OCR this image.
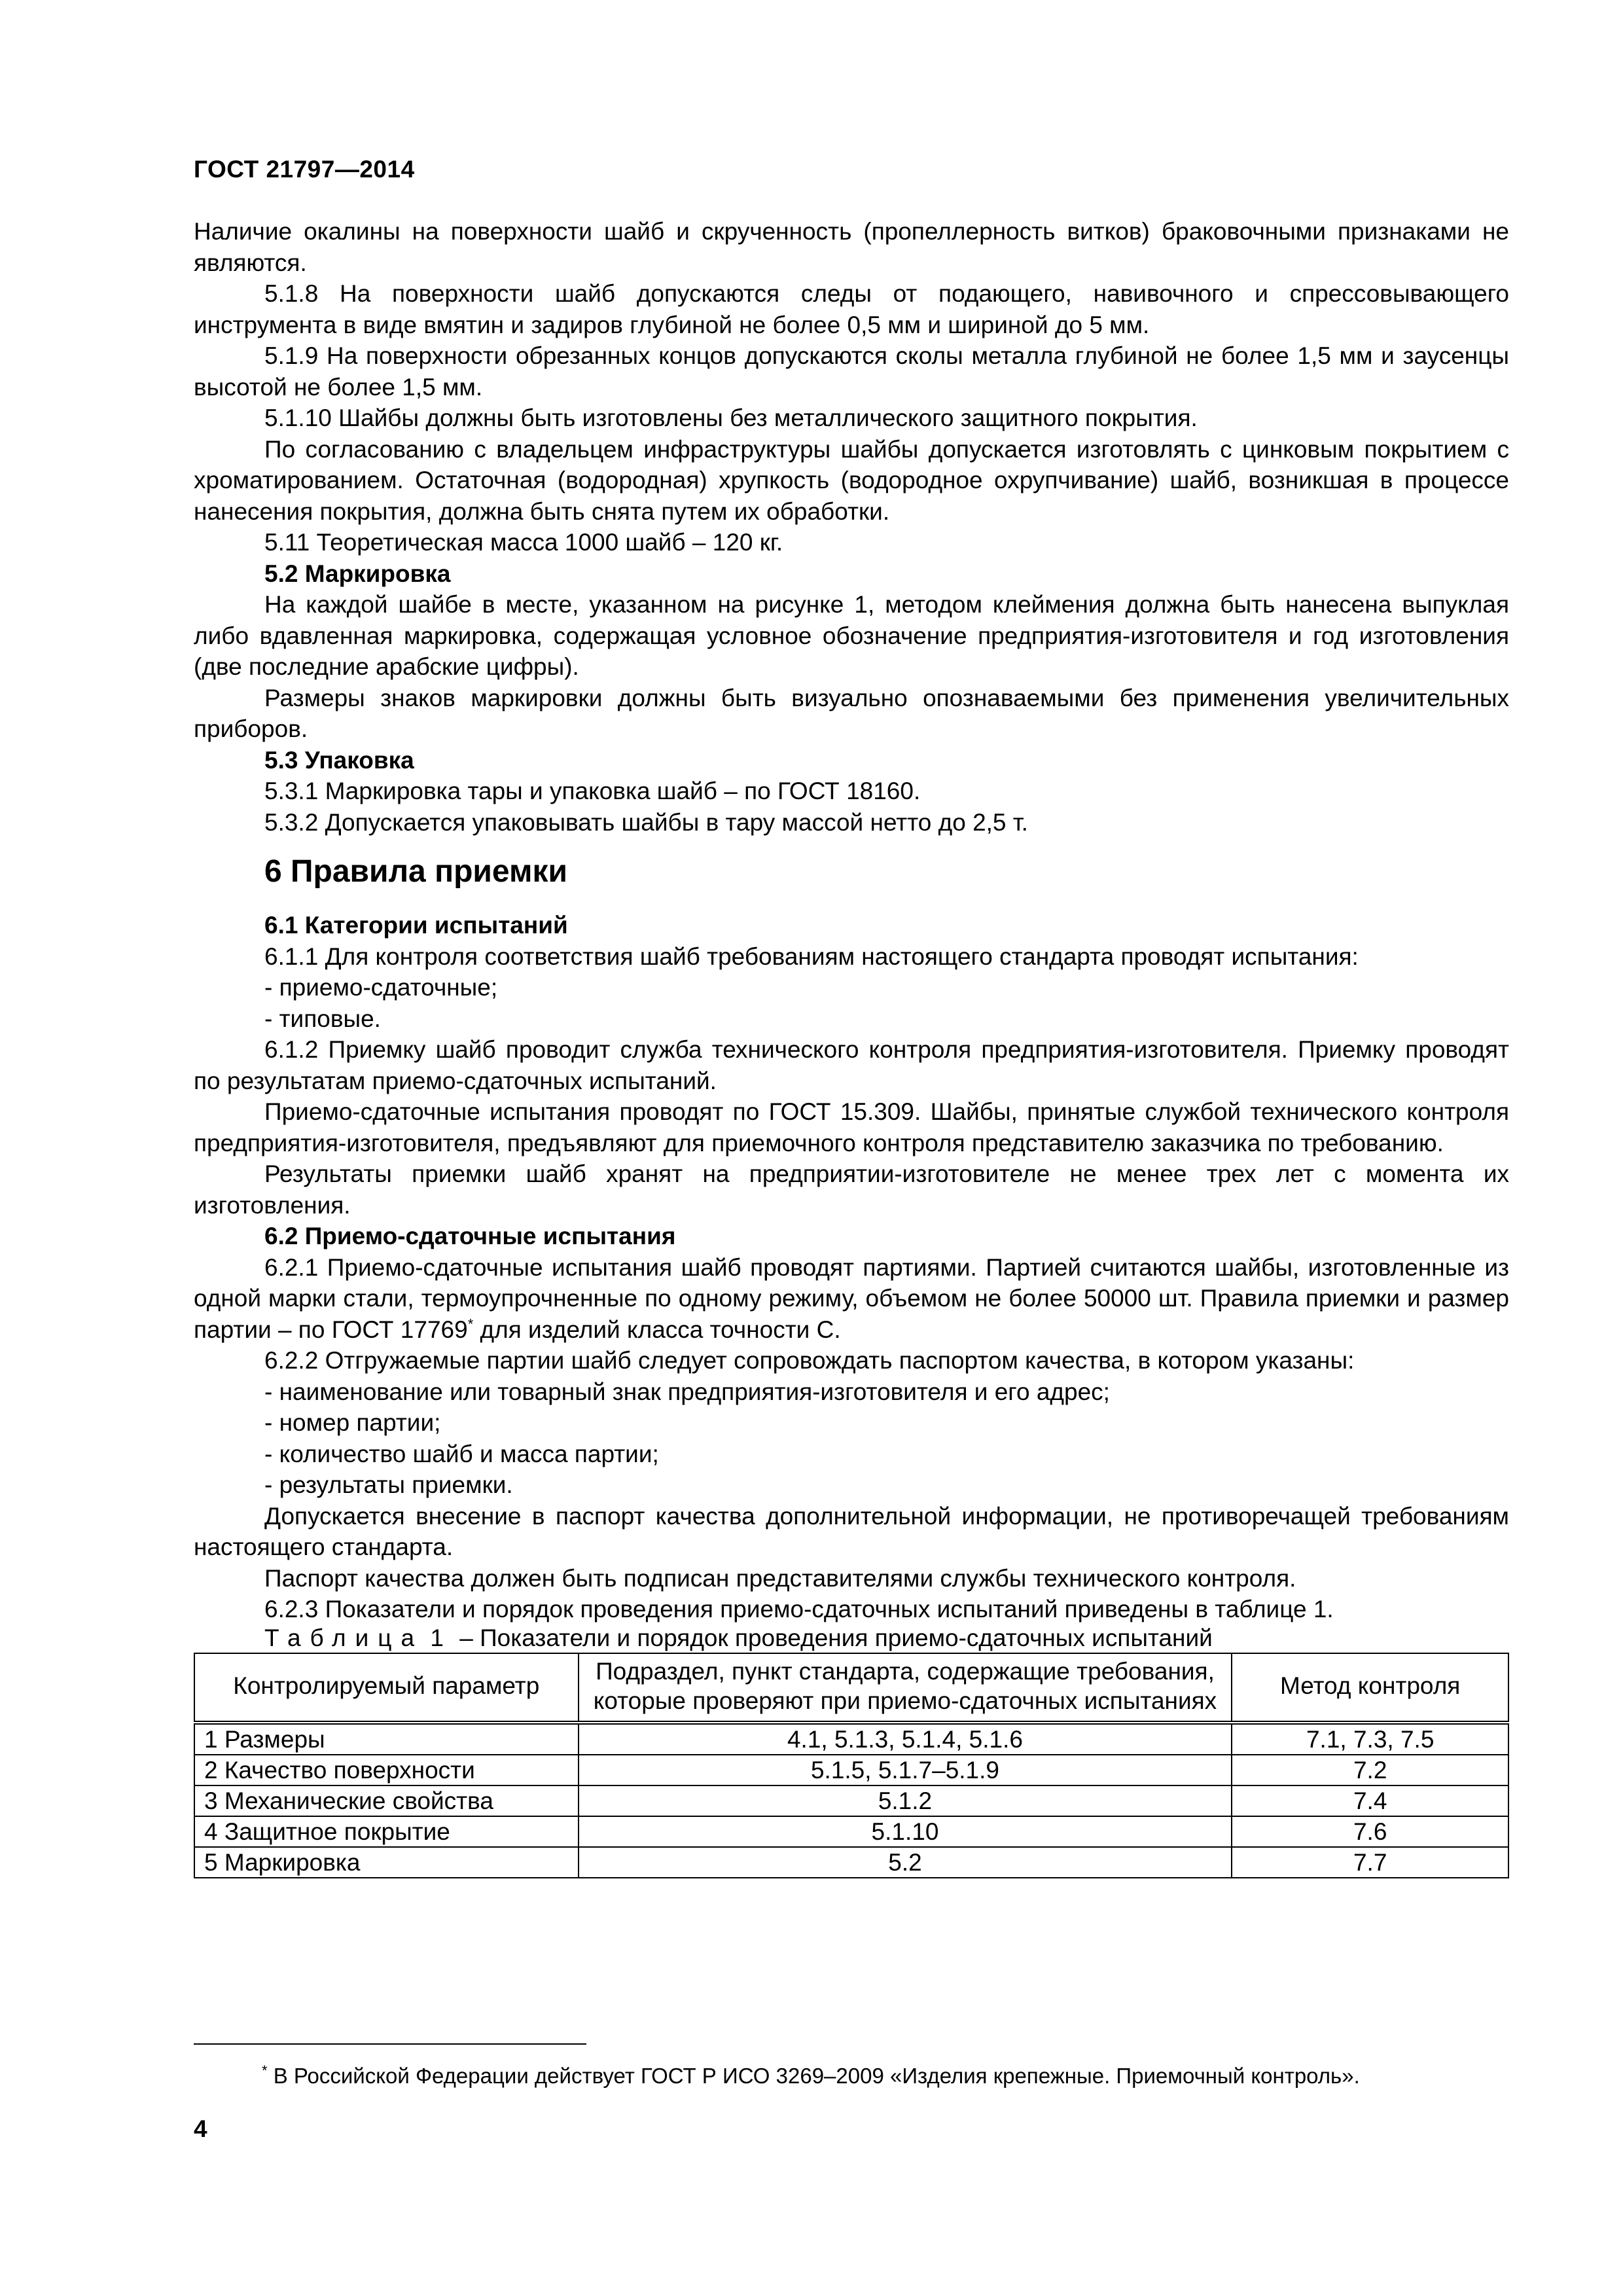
ГОСТ 21797—2014

Наличие окалины на поверхности шайб и скрученность (пропеллерность витков) браковочными признаками не являются.

5.1.8 На поверхности шайб допускаются следы от подающего, навивочного и спрессовывающего инструмента в виде вмятин и задиров глубиной не более 0,5 мм и шириной до 5 мм.

5.1.9 На поверхности обрезанных концов допускаются сколы металла глубиной не более 1,5 мм и заусенцы высотой не более 1,5 мм.

5.1.10 Шайбы должны быть изготовлены без металлического защитного покрытия.

По согласованию с владельцем инфраструктуры шайбы допускается изготовлять с цинковым покрытием с хроматированием. Остаточная (водородная) хрупкость (водородное охрупчивание) шайб, возникшая в процессе нанесения покрытия, должна быть снята путем их обработки.

5.11 Теоретическая масса 1000 шайб – 120 кг.

5.2 Маркировка

На каждой шайбе в месте, указанном на рисунке 1, методом клеймения должна быть нанесена выпуклая либо вдавленная маркировка, содержащая условное обозначение предприятия-изготовителя и год изготовления (две последние арабские цифры).

Размеры знаков маркировки должны быть визуально опознаваемыми без применения увеличительных приборов.

5.3 Упаковка

5.3.1 Маркировка тары и упаковка шайб – по ГОСТ 18160.

5.3.2 Допускается упаковывать шайбы в тару массой нетто до 2,5 т.

6 Правила приемки

6.1 Категории испытаний

6.1.1 Для контроля соответствия шайб требованиям настоящего стандарта проводят испытания:

- приемо-сдаточные;

- типовые.

6.1.2 Приемку шайб проводит служба технического контроля предприятия-изготовителя. Приемку проводят по результатам приемо-сдаточных испытаний.

Приемо-сдаточные испытания проводят по ГОСТ 15.309. Шайбы, принятые службой технического контроля предприятия-изготовителя, предъявляют для приемочного контроля представителю заказчика по требованию.

Результаты приемки шайб хранят на предприятии-изготовителе не менее трех лет с момента их изготовления.

6.2 Приемо-сдаточные испытания

6.2.1 Приемо-сдаточные испытания шайб проводят партиями. Партией считаются шайбы, изготовленные из одной марки стали, термоупрочненные по одному режиму, объемом не более 50000 шт. Правила приемки и размер партии – по ГОСТ 17769* для изделий класса точности С.

6.2.2 Отгружаемые партии шайб следует сопровождать паспортом качества, в котором указаны:

- наименование или товарный знак предприятия-изготовителя и его адрес;

- номер партии;

- количество шайб и масса партии;

- результаты приемки.

Допускается внесение в паспорт качества дополнительной информации, не противоречащей требованиям настоящего стандарта.

Паспорт качества должен быть подписан представителями службы технического контроля.

6.2.3 Показатели и порядок проведения приемо-сдаточных испытаний приведены в таблице 1.

Таблица 1 – Показатели и порядок проведения приемо-сдаточных испытаний

Контролируемый параметр	Подраздел, пункт стандарта, содержащие требования, которые проверяют при приемо-сдаточных испытаниях	Метод контроля
1 Размеры	4.1, 5.1.3, 5.1.4, 5.1.6	7.1, 7.3, 7.5
2 Качество поверхности	5.1.5, 5.1.7–5.1.9	7.2
3 Механические свойства	5.1.2	7.4
4 Защитное покрытие	5.1.10	7.6
5 Маркировка	5.2	7.7
* В Российской Федерации действует ГОСТ Р ИСО 3269–2009 «Изделия крепежные. Приемочный контроль».
4
